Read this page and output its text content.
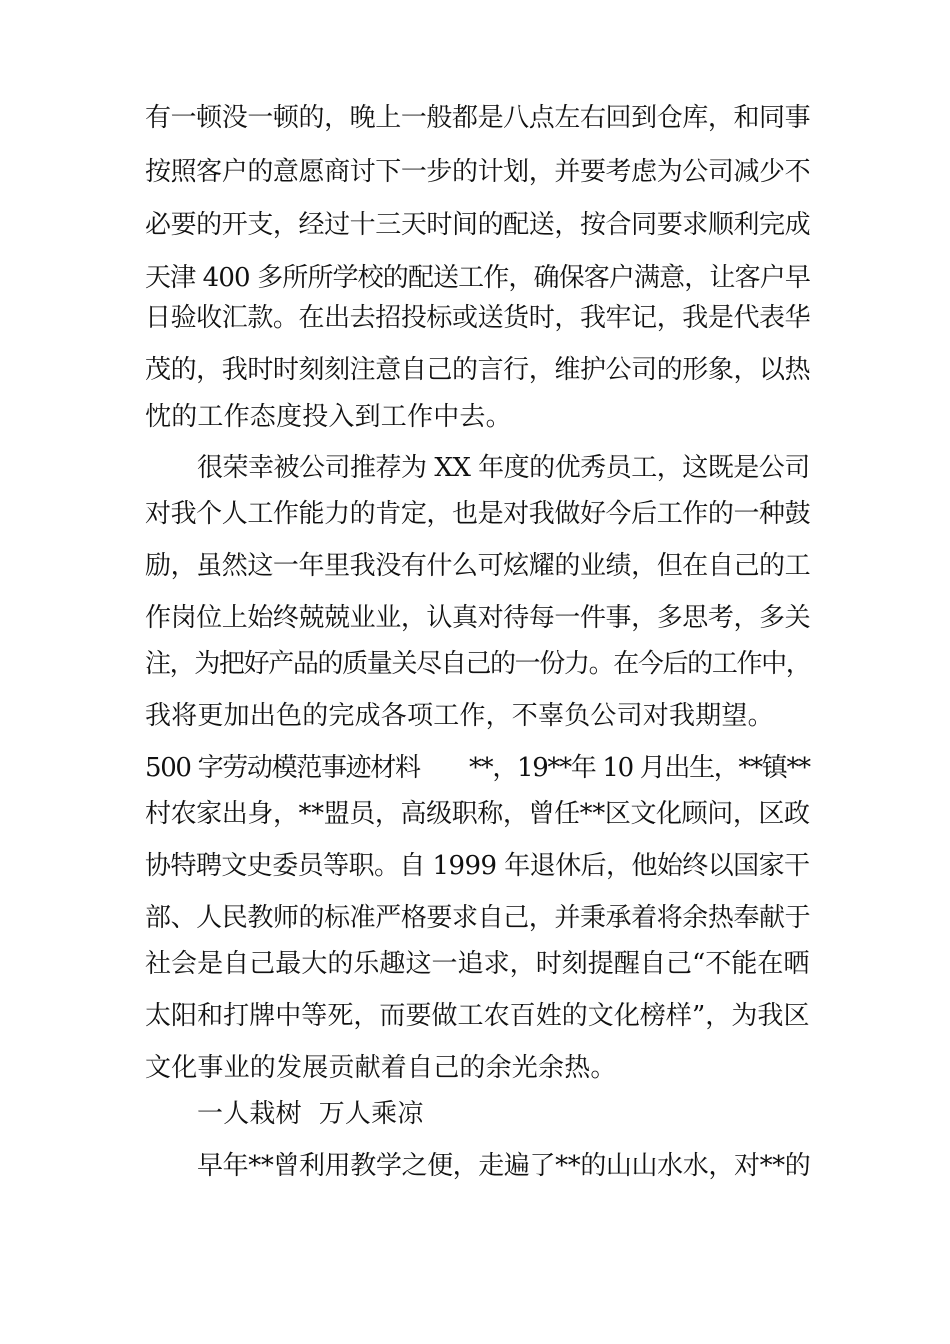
有一顿没一顿的，晚上一般都是八点左右回到仓库，和同事
按照客户的意愿商讨下一步的计划，并要考虑为公司减少不
必要的开支，经过十三天时间的配送，按合同要求顺利完成
天津 400 多所所学校的配送工作，确保客户满意，让客户早
日验收汇款。在出去招投标或送货时，我牢记，我是代表华
茂的，我时时刻刻注意自己的言行，维护公司的形象，以热
忱的工作态度投入到工作中去。
很荣幸被公司推荐为 XX 年度的优秀员工，这既是公司
对我个人工作能力的肯定，也是对我做好今后工作的一种鼓
励，虽然这一年里我没有什么可炫耀的业绩，但在自己的工
作岗位上始终兢兢业业，认真对待每一件事，多思考，多关
注，为把好产品的质量关尽自己的一份力。在今后的工作中，
我将更加出色的完成各项工作，不辜负公司对我期望。
500 字劳动模范事迹材料　　**，19**年 10 月出生，**镇**
村农家出身，**盟员，高级职称，曾任**区文化顾问，区政
协特聘文史委员等职。自 1999 年退休后，他始终以国家干
部、人民教师的标准严格要求自己，并秉承着将余热奉献于
社会是自己最大的乐趣这一追求，时刻提醒自己“不能在晒
太阳和打牌中等死，而要做工农百姓的文化榜样”，为我区
文化事业的发展贡献着自己的余光余热。
一人栽树  万人乘凉
早年**曾利用教学之便，走遍了**的山山水水，对**的
